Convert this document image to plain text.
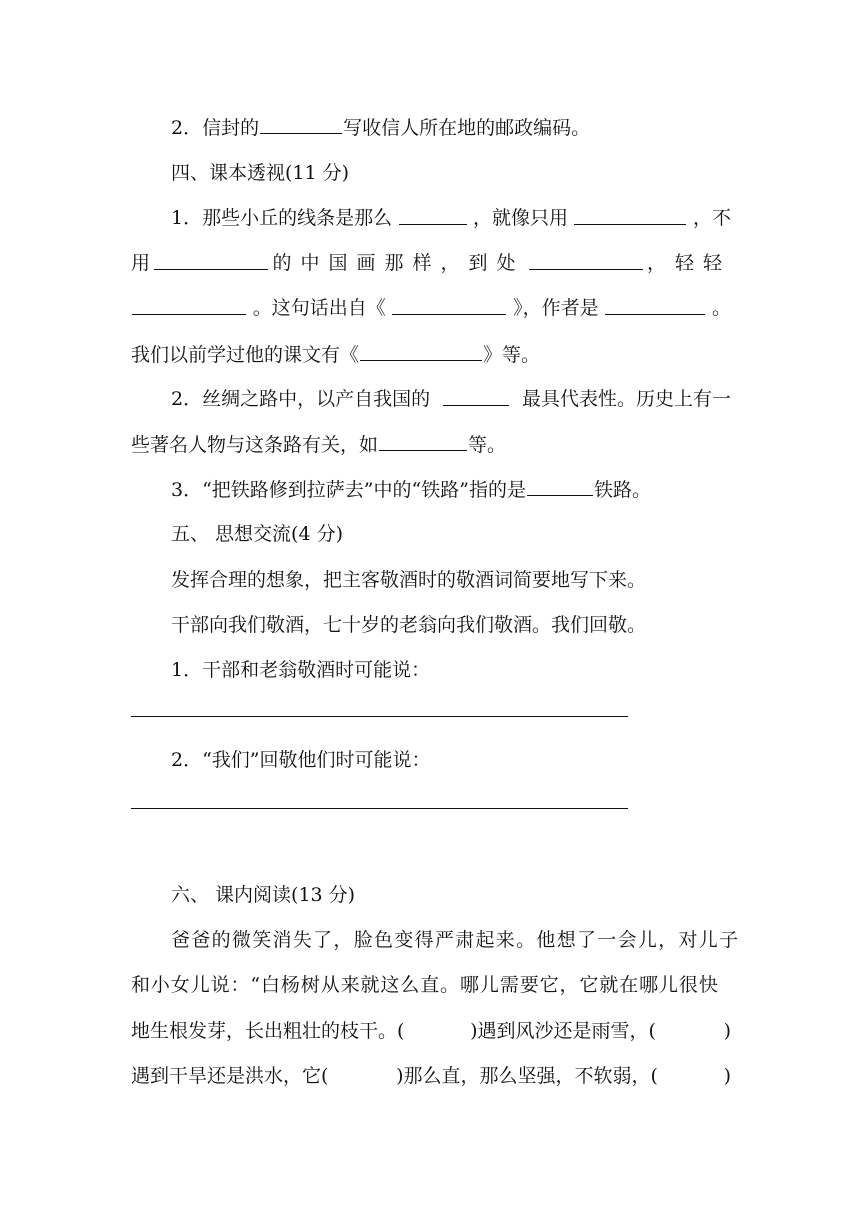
2．信封的	写收信人所在地的邮政编码。
四、课本透视(11 分)
1．那些小丘的线条是那么	，就像只用	，不
用	的中国画那样，到处	，轻轻
。这句话出自《	》，作者是	。
我们以前学过他的课文有《	》等。
2．丝绸之路中，以产自我国的	最具代表性。历史上有一
些著名人物与这条路有关，如	等。
3．“把铁路修到拉萨去”中的“铁路”指的是	铁路。
五、 思想交流(4 分)
发挥合理的想象，把主客敬酒时的敬酒词简要地写下来。
干部向我们敬酒，七十岁的老翁向我们敬酒。我们回敬。
1．干部和老翁敬酒时可能说：
2．“我们”回敬他们时可能说：
六、 课内阅读(13 分)
爸爸的微笑消失了，脸色变得严肃起来。他想了一会儿，对儿子
和小女儿说：“白杨树从来就这么直。哪儿需要它，它就在哪儿很快
地生根发芽，长出粗壮的枝干。(	)遇到风沙还是雨雪，(	)
遇到干旱还是洪水，它(	)那么直，那么坚强，不软弱，(	)
